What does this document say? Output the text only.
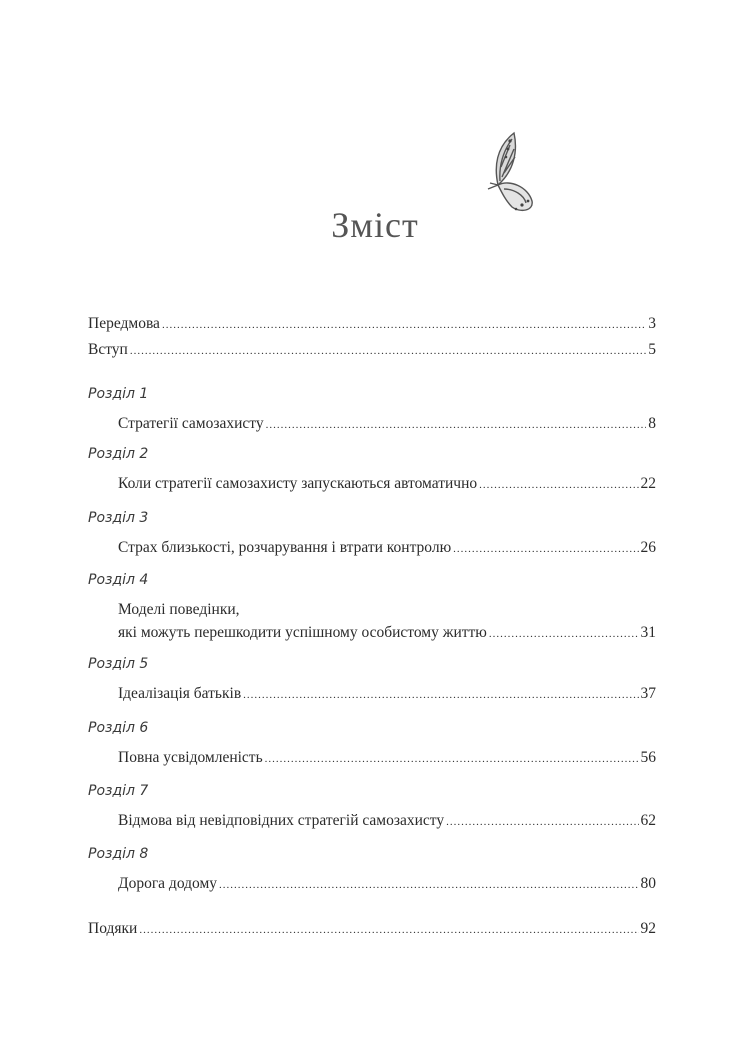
Зміст
Передмова .....	3
Вступ .....	5
Розділ 1
Стратегії самозахисту .....	8
Розділ 2
Коли стратегії самозахисту запускаються автоматично .....	22
Розділ 3
Страх близькості, розчарування і втрати контролю .....	26
Розділ 4
Моделі поведінки,
які можуть перешкодити успішному особистому життю .....	31
Розділ 5
Ідеалізація батьків .....	37
Розділ 6
Повна усвідомленість .....	56
Розділ 7
Відмова від невідповідних стратегій самозахисту .....	62
Розділ 8
Дорога додому .....	80
Подяки .....	92
